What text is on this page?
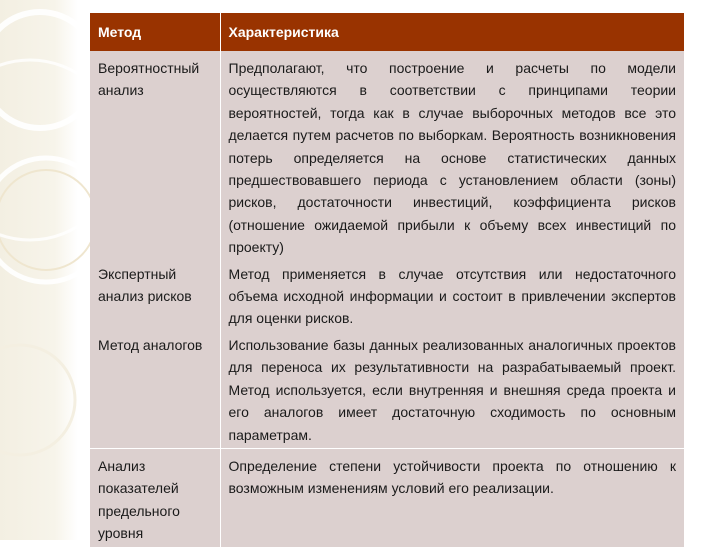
Метод	Характеристика
Вероятностный анализ	Предполагают, что построение и расчеты по модели осуществляются в соответствии с принципами теории вероятностей, тогда как в случае выборочных методов все это делается путем расчетов по выборкам. Вероятность возникновения потерь определяется на основе статистических данных предшествовавшего периода с установлением области (зоны) рисков, достаточности инвестиций, коэффициента рисков (отношение ожидаемой прибыли к объему всех инвестиций по проекту)
Экспертный анализ рисков	Метод применяется в случае отсутствия или недостаточного объема исходной информации и состоит в привлечении экспертов для оценки рисков.
Метод аналогов	Использование базы данных реализованных аналогичных проектов для переноса их результативности на разрабатываемый проект. Метод используется, если внутренняя и внешняя среда проекта и его аналогов имеет достаточную сходимость по основным параметрам.
Анализ показателей предельного уровня	Определение степени устойчивости проекта по отношению к возможным изменениям условий его реализации.
